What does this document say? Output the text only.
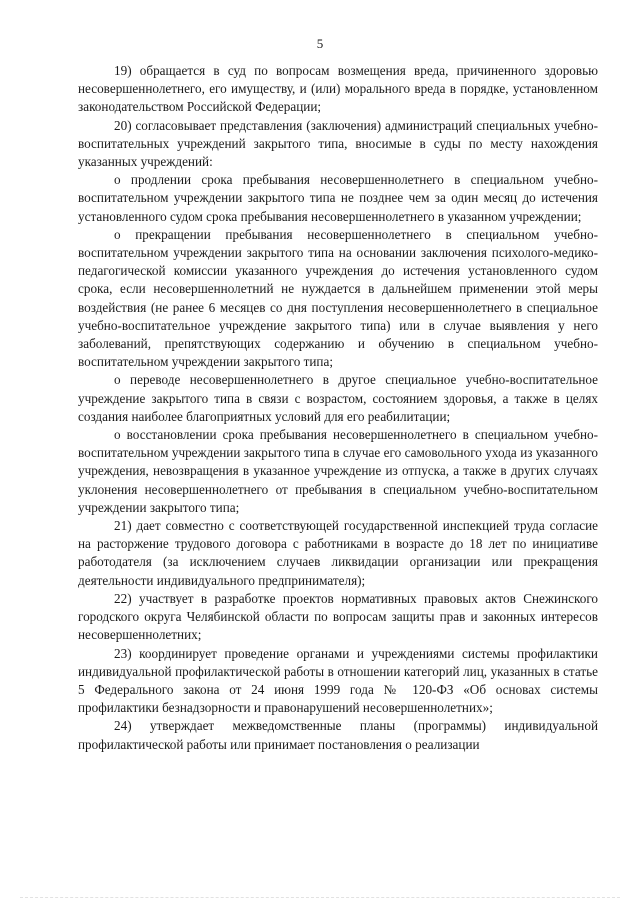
5

19) обращается в суд по вопросам возмещения вреда, причиненного здоровью несовершеннолетнего, его имуществу, и (или) морального вреда в порядке, установленном законодательством Российской Федерации;

20) согласовывает представления (заключения) администраций специальных учебно-воспитательных учреждений закрытого типа, вносимые в суды по месту нахождения указанных учреждений:

о продлении срока пребывания несовершеннолетнего в специальном учебно-воспитательном учреждении закрытого типа не позднее чем за один месяц до истечения установленного судом срока пребывания несовершеннолетнего в указанном учреждении;

о прекращении пребывания несовершеннолетнего в специальном учебно-воспитательном учреждении закрытого типа на основании заключения психолого-медико-педагогической комиссии указанного учреждения до истечения установленного судом срока, если несовершеннолетний не нуждается в дальнейшем применении этой меры воздействия (не ранее 6 месяцев со дня поступления несовершеннолетнего в специальное учебно-воспитательное учреждение закрытого типа) или в случае выявления у него заболеваний, препятствующих содержанию и обучению в специальном учебно-воспитательном учреждении закрытого типа;

о переводе несовершеннолетнего в другое специальное учебно-воспитательное учреждение закрытого типа в связи с возрастом, состоянием здоровья, а также в целях создания наиболее благоприятных условий для его реабилитации;

о восстановлении срока пребывания несовершеннолетнего в специальном учебно-воспитательном учреждении закрытого типа в случае его самовольного ухода из указанного учреждения, невозвращения в указанное учреждение из отпуска, а также в других случаях уклонения несовершеннолетнего от пребывания в специальном учебно-воспитательном учреждении закрытого типа;

21) дает совместно с соответствующей государственной инспекцией труда согласие на расторжение трудового договора с работниками в возрасте до 18 лет по инициативе работодателя (за исключением случаев ликвидации организации или прекращения деятельности индивидуального предпринимателя);

22) участвует в разработке проектов нормативных правовых актов Снежинского городского округа Челябинской области по вопросам защиты прав и законных интересов несовершеннолетних;

23) координирует проведение органами и учреждениями системы профилактики индивидуальной профилактической работы в отношении категорий лиц, указанных в статье 5 Федерального закона от 24 июня 1999 года № 120-ФЗ «Об основах системы профилактики безнадзорности и правонарушений несовершеннолетних»;

24) утверждает межведомственные планы (программы) индивидуальной профилактической работы или принимает постановления о реализации
